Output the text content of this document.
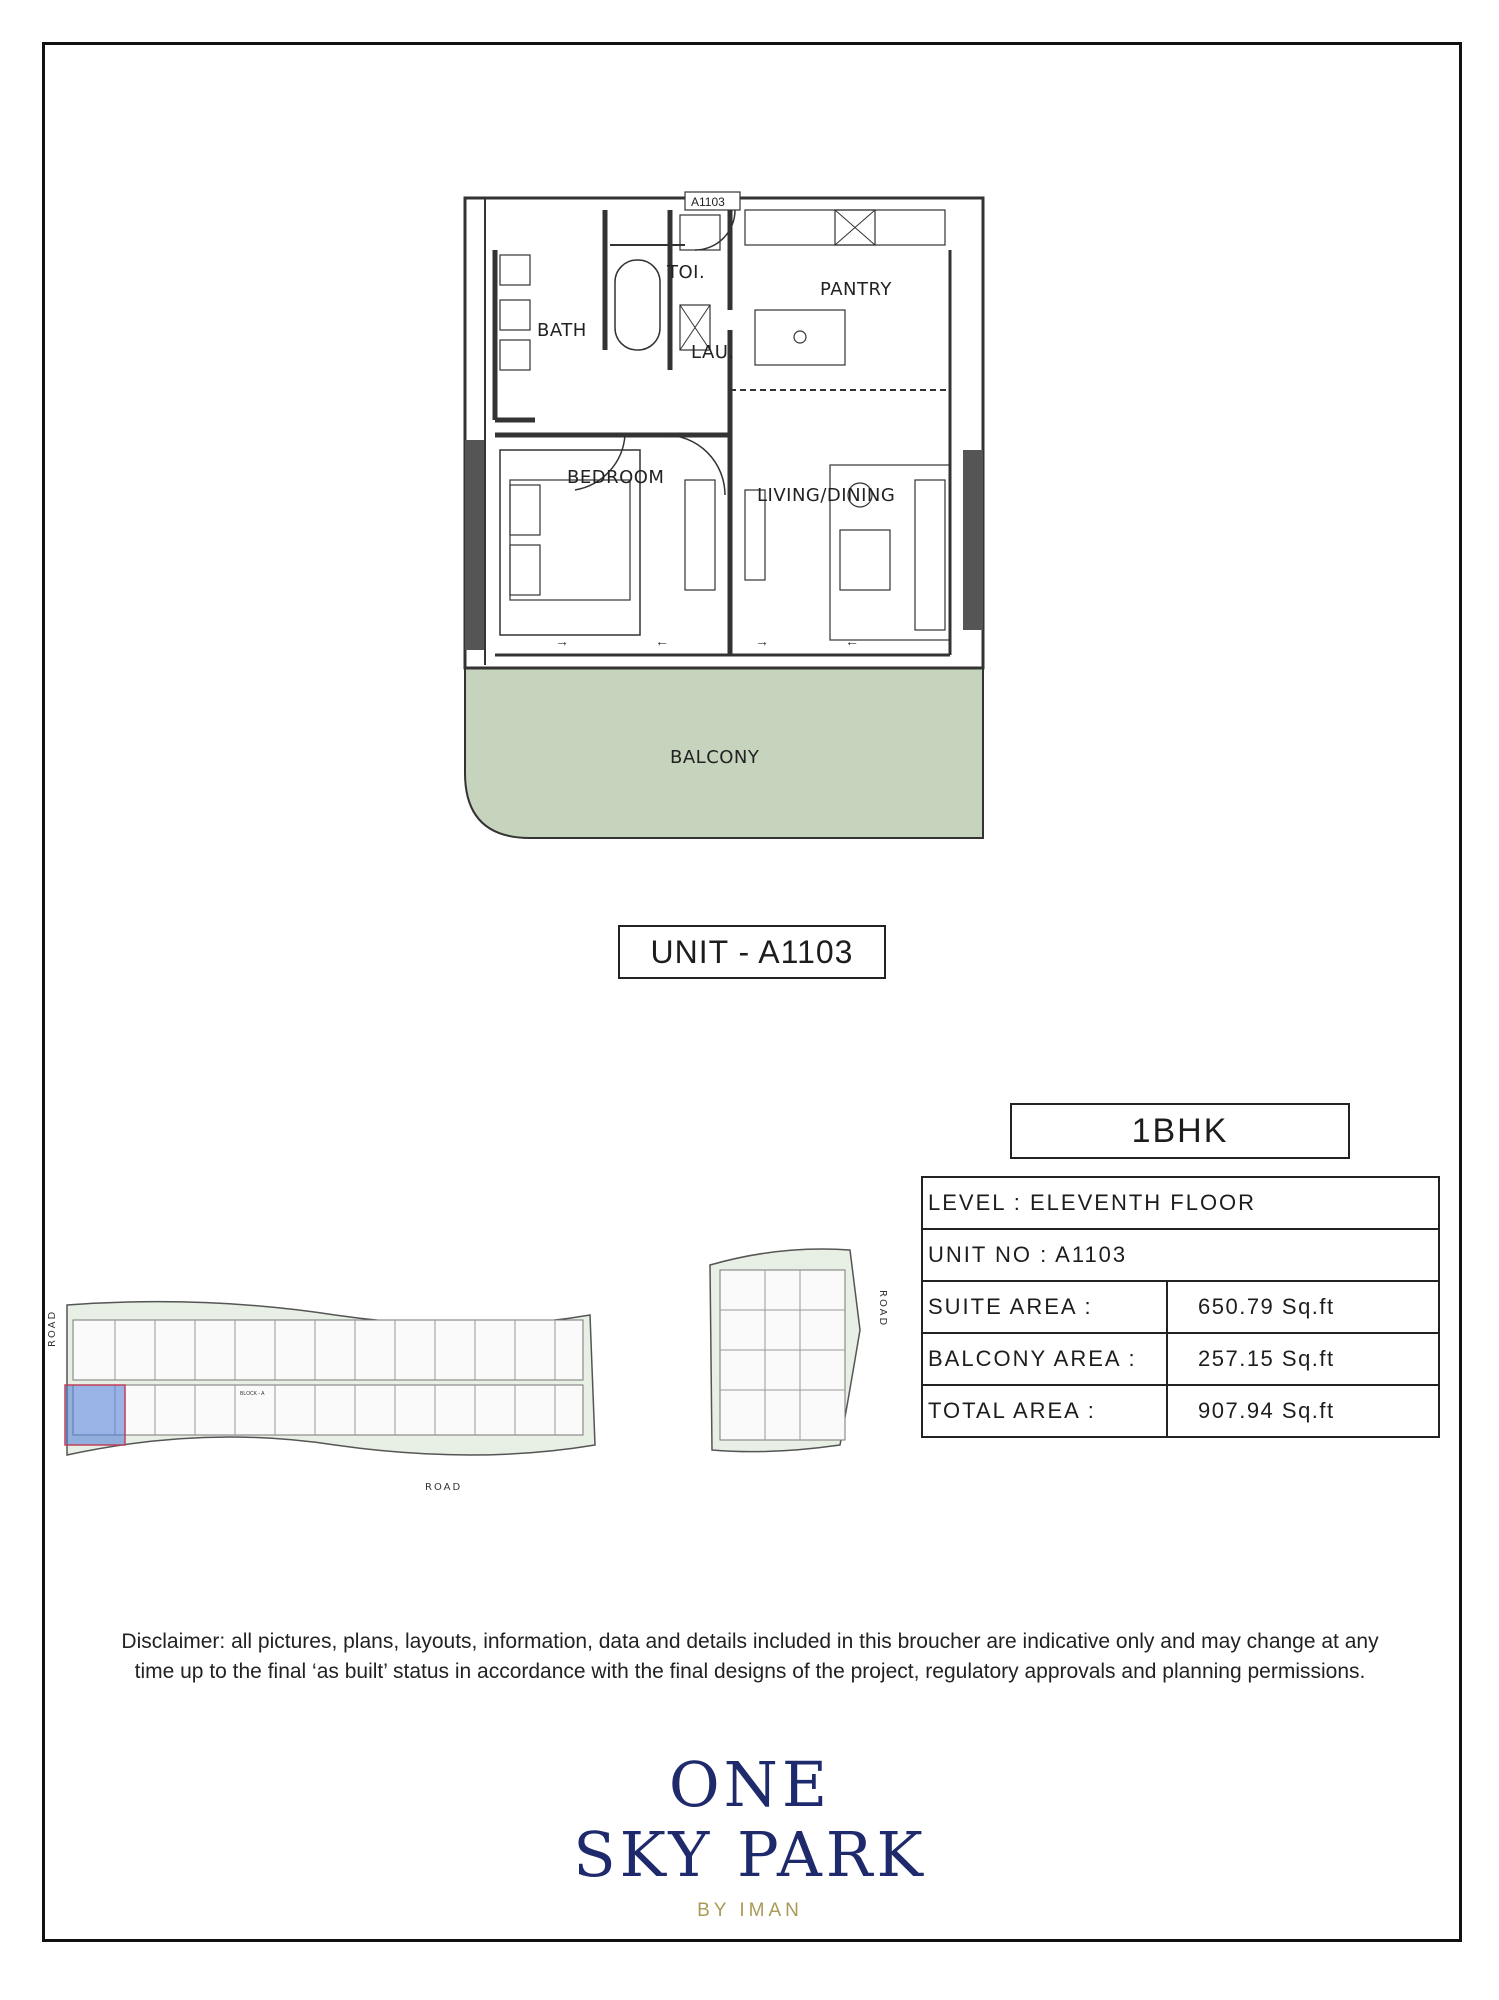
→	←	→	←
A1103
TOI.
PANTRY
BATH
LAU.
BEDROOM
LIVING/DINING
BALCONY
UNIT - A1103
1BHK
LEVEL : ELEVENTH FLOOR	
UNIT NO : A1103	
SUITE AREA :	650.79 Sq.ft
BALCONY AREA :	257.15 Sq.ft
TOTAL AREA :	907.94 Sq.ft
ROAD
BLOCK - A
ROAD
ROAD
Disclaimer: all pictures, plans, layouts, information, data and details included in this broucher are indicative only and may change at any time up to the final ‘as built’ status in accordance with the final designs of the project, regulatory approvals and planning permissions.
ONE
SKY PARK
BY IMAN
